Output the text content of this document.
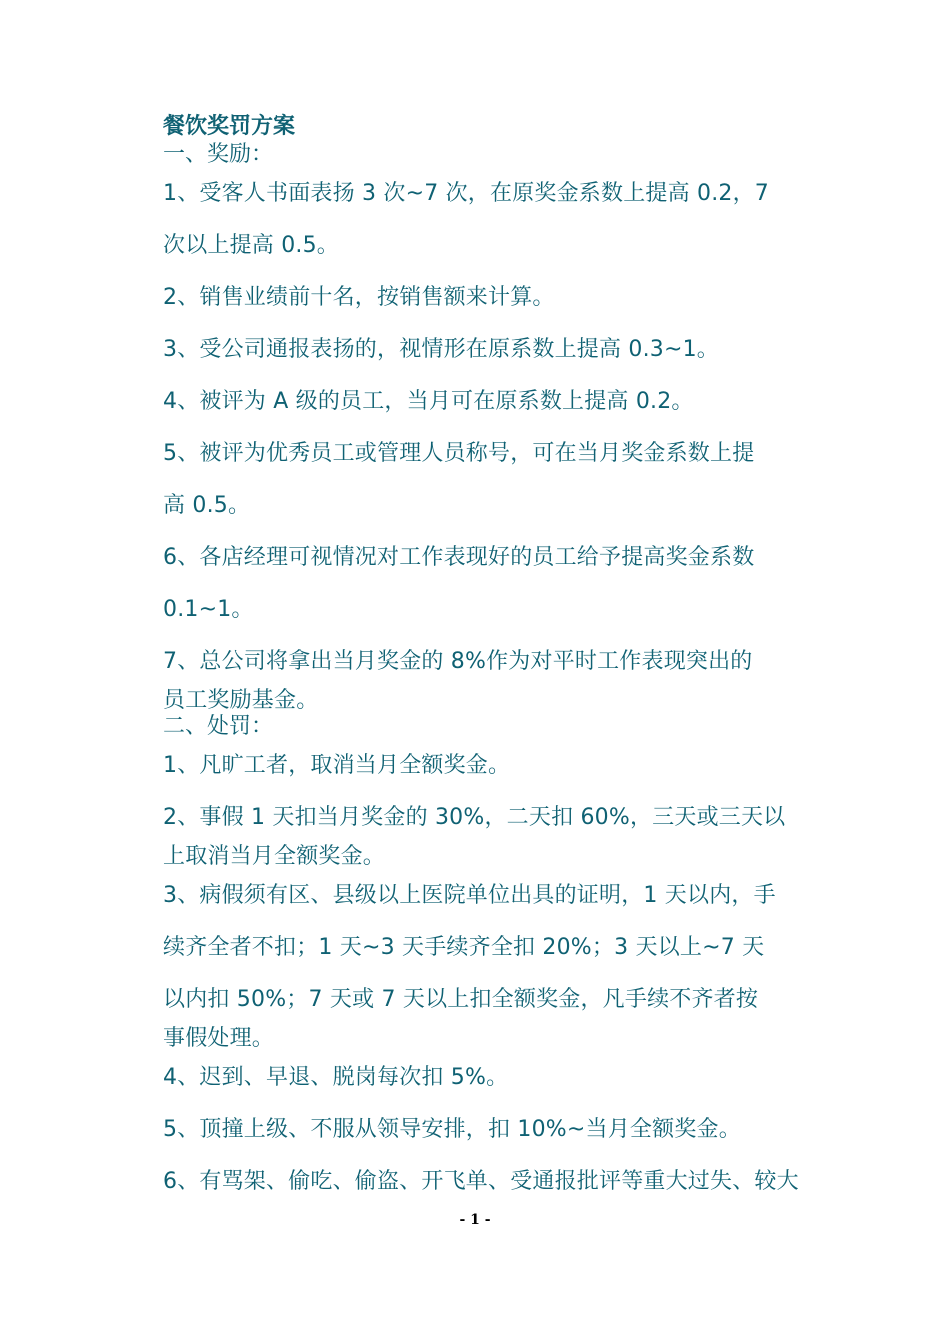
餐饮奖罚方案
一、奖励：
1、受客人书面表扬 3 次~7 次，在原奖金系数上提高 0.2，7
次以上提高 0.5。
2、销售业绩前十名，按销售额来计算。
3、受公司通报表扬的，视情形在原系数上提高 0.3~1。
4、被评为 A 级的员工，当月可在原系数上提高 0.2。
5、被评为优秀员工或管理人员称号，可在当月奖金系数上提
高 0.5。
6、各店经理可视情况对工作表现好的员工给予提高奖金系数
0.1~1。
7、总公司将拿出当月奖金的 8%作为对平时工作表现突出的
员工奖励基金。
二、处罚：
1、凡旷工者，取消当月全额奖金。
2、事假 1 天扣当月奖金的 30%，二天扣 60%，三天或三天以
上取消当月全额奖金。
3、病假须有区、县级以上医院单位出具的证明，1 天以内，手
续齐全者不扣；1 天~3 天手续齐全扣 20%；3 天以上~7 天
以内扣 50%；7 天或 7 天以上扣全额奖金，凡手续不齐者按
事假处理。
4、迟到、早退、脱岗每次扣 5%。
5、顶撞上级、不服从领导安排，扣 10%~当月全额奖金。
6、有骂架、偷吃、偷盗、开飞单、受通报批评等重大过失、较大
- 1 -
